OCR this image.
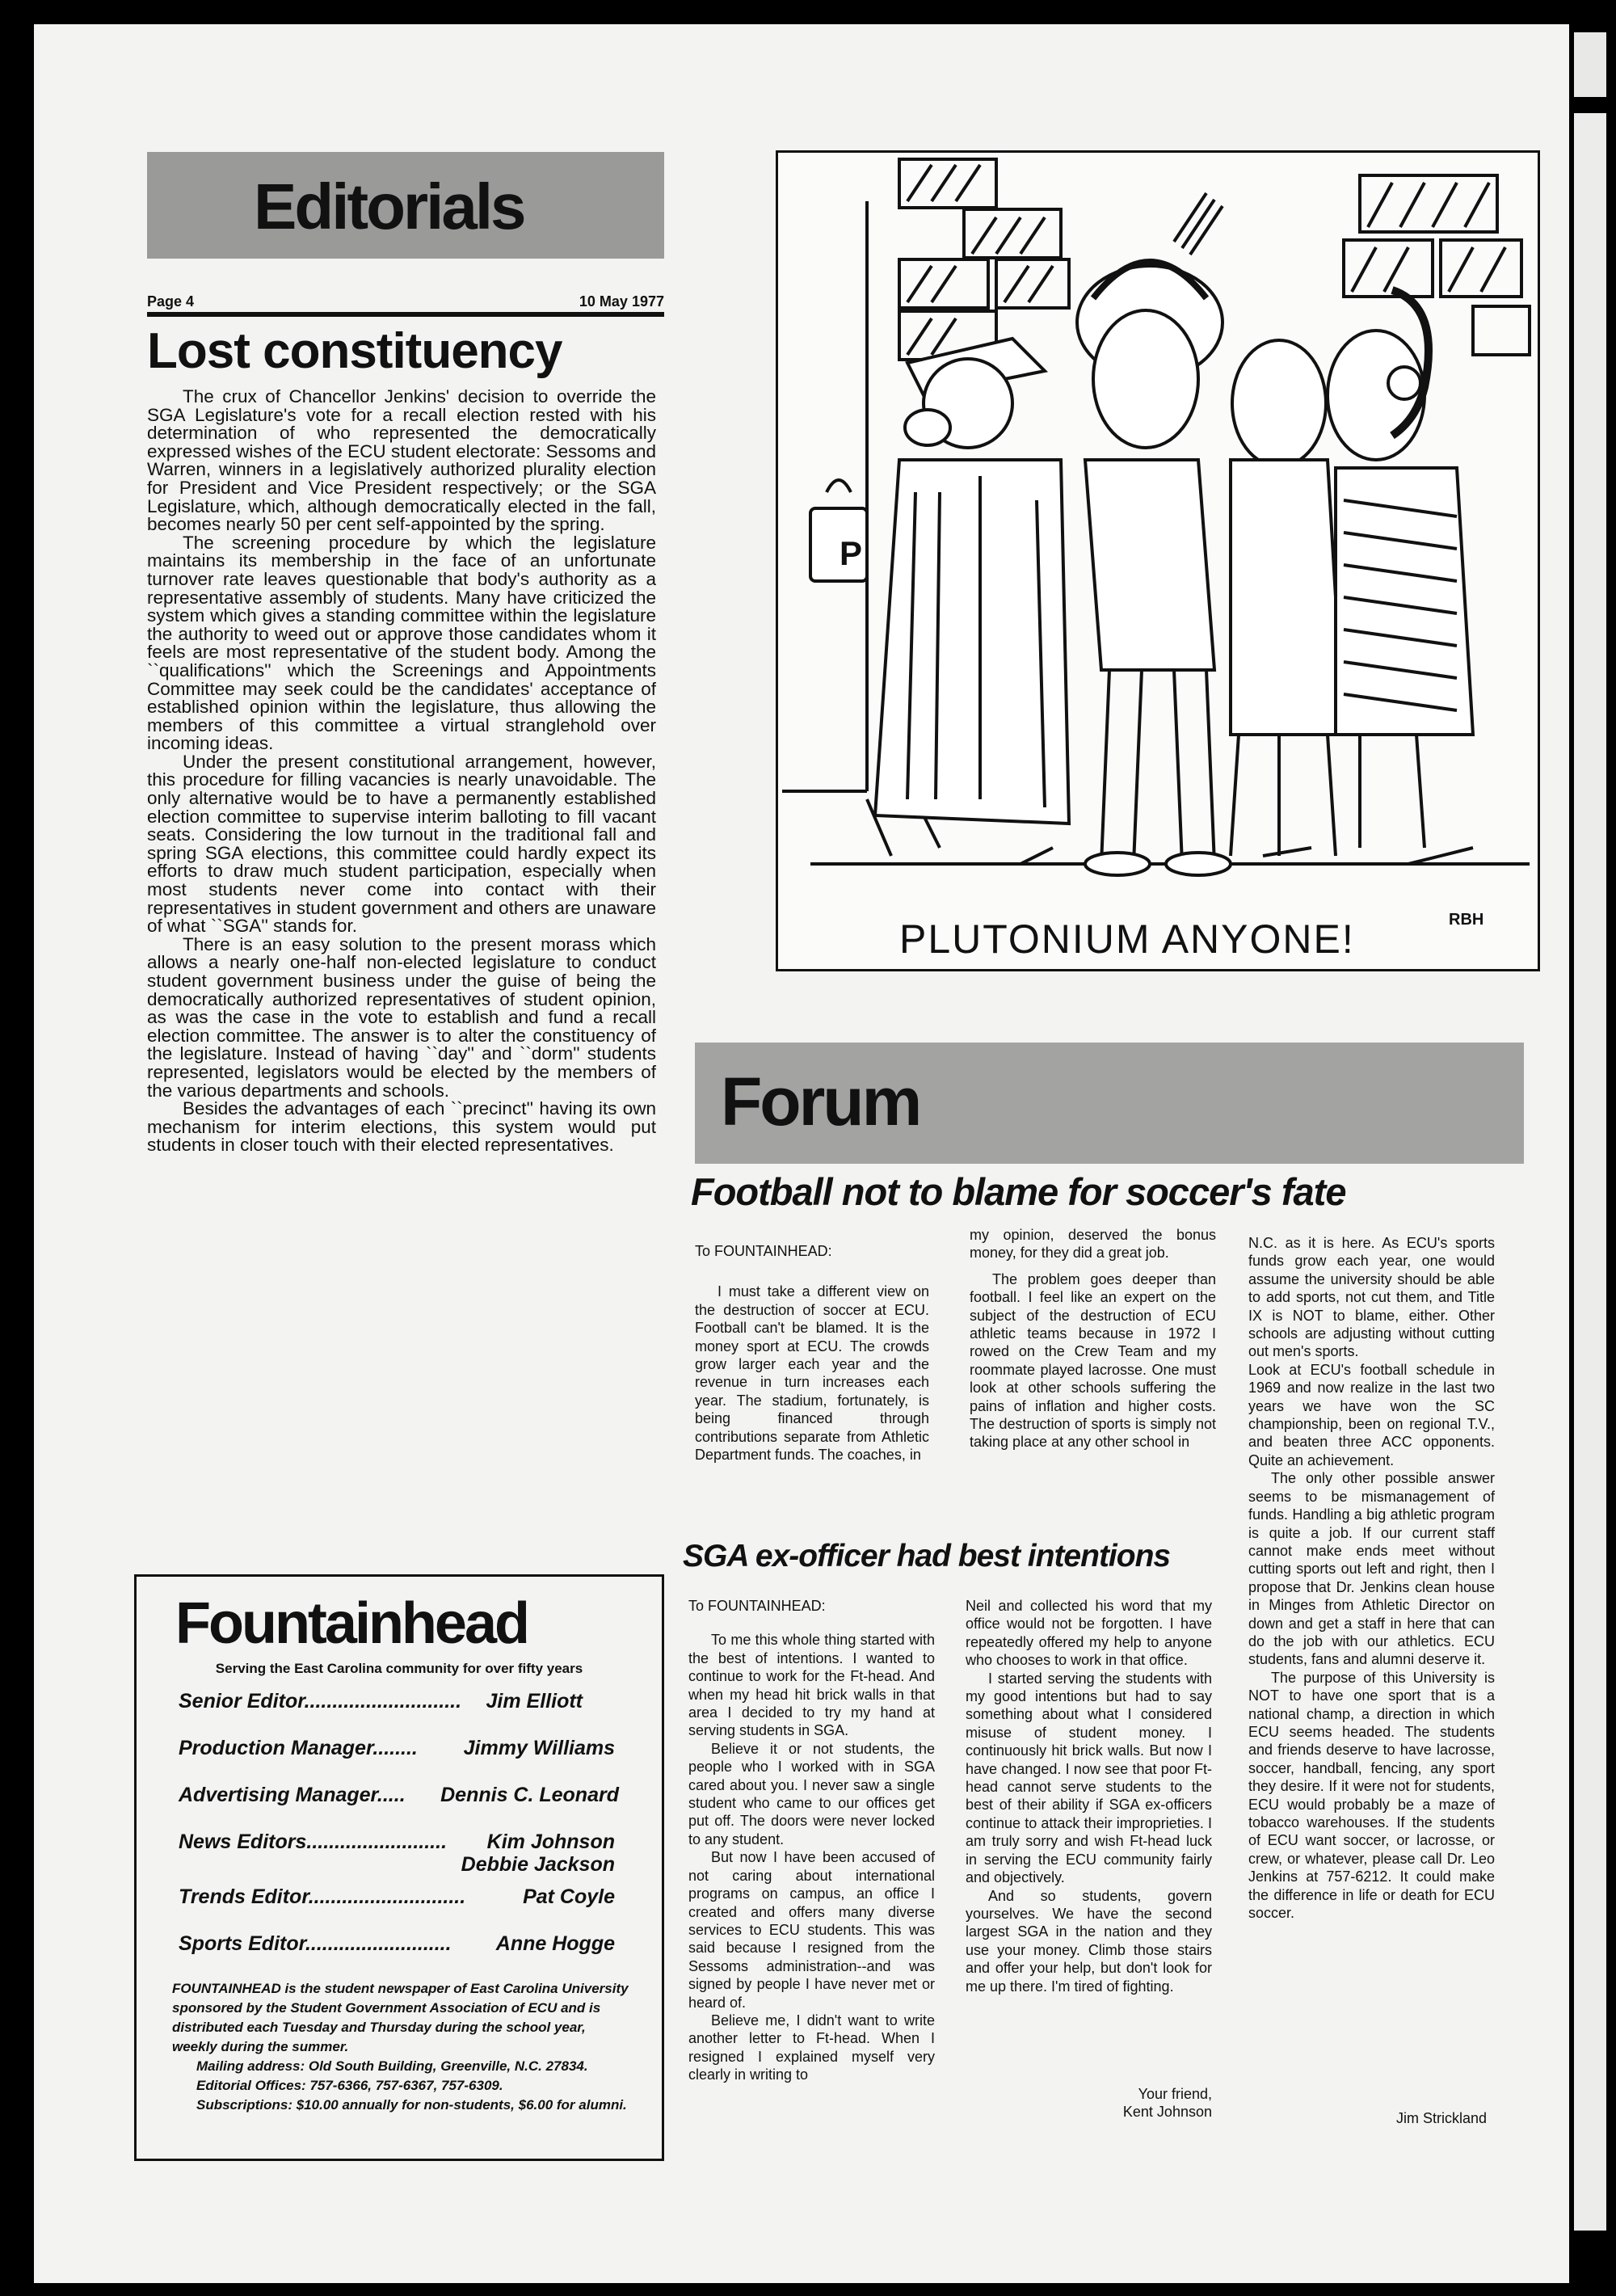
Editorials
Page 4	10 May 1977
Lost constituency

The crux of Chancellor Jenkins' decision to override the SGA Legislature's vote for a recall election rested with his determination of who represented the democratically expressed wishes of the ECU student electorate: Sessoms and Warren, winners in a legislatively authorized plurality election for President and Vice President respectively; or the SGA Legislature, which, although democratically elected in the fall, becomes nearly 50 per cent self-appointed by the spring.

The screening procedure by which the legislature maintains its membership in the face of an unfortunate turnover rate leaves questionable that body's authority as a representative assembly of students. Many have criticized the system which gives a standing committee within the legislature the authority to weed out or approve those candidates whom it feels are most representative of the student body. Among the ``qualifications'' which the Screenings and Appointments Committee may seek could be the candidates' acceptance of established opinion within the legislature, thus allowing the members of this committee a virtual stranglehold over incoming ideas.

Under the present constitutional arrangement, however, this procedure for filling vacancies is nearly unavoidable. The only alternative would be to have a permanently established election committee to supervise interim balloting to fill vacant seats. Considering the low turnout in the traditional fall and spring SGA elections, this committee could hardly expect its efforts to draw much student participation, especially when most students never come into contact with their representatives in student government and others are unaware of what ``SGA'' stands for.

There is an easy solution to the present morass which allows a nearly one-half non-elected legislature to conduct student government business under the guise of being the democratically authorized representatives of student opinion, as was the case in the vote to establish and fund a recall election committee. The answer is to alter the constituency of the legislature. Instead of having ``day'' and ``dorm'' students represented, legislators would be elected by the members of the various departments and schools.

Besides the advantages of each ``precinct'' having its own mechanism for interim elections, this system would put students in closer touch with their elected representatives.

Fountainhead
Serving the East Carolina community for over fifty years
Senior Editor............................ Jim Elliott
Production Manager........ Jimmy Williams
Advertising Manager..... Dennis C. Leonard
News Editors......................... Kim Johnson
Debbie Jackson
Trends Editor............................	Pat Coyle
Sports Editor.......................... Anne Hogge
FOUNTAINHEAD is the student newspaper of East Carolina University sponsored by the Student Government Association of ECU and is distributed each Tuesday and Thursday during the school year, weekly during the summer.
Mailing address: Old South Building, Greenville, N.C. 27834.
Editorial Offices: 757-6366, 757-6367, 757-6309.
Subscriptions: $10.00 annually for non-students, $6.00 for alumni.
P
PLUTONIUM ANYONE!	RBH
Forum
Football not to blame for soccer's fate

To FOUNTAINHEAD:

I must take a different view on the destruction of soccer at ECU. Football can't be blamed. It is the money sport at ECU. The crowds grow larger each year and the revenue in turn increases each year. The stadium, fortunately, is being financed through contributions separate from Athletic Department funds. The coaches, in

my opinion, deserved the bonus money, for they did a great job.

The problem goes deeper than football. I feel like an expert on the subject of the destruction of ECU athletic teams because in 1972 I rowed on the Crew Team and my roommate played lacrosse. One must look at other schools suffering the pains of inflation and higher costs. The destruction of sports is simply not taking place at any other school in

N.C. as it is here. As ECU's sports funds grow each year, one would assume the university should be able to add sports, not cut them, and Title IX is NOT to blame, either. Other schools are adjusting without cutting out men's sports.

Look at ECU's football schedule in 1969 and now realize in the last two years we have won the SC championship, been on regional T.V., and beaten three ACC opponents. Quite an achievement.

The only other possible answer seems to be mismanagement of funds. Handling a big athletic program is quite a job. If our current staff cannot make ends meet without cutting sports out left and right, then I propose that Dr. Jenkins clean house in Minges from Athletic Director on down and get a staff in here that can do the job with our athletics. ECU students, fans and alumni deserve it.

The purpose of this University is NOT to have one sport that is a national champ, a direction in which ECU seems headed. The students and friends deserve to have lacrosse, soccer, handball, fencing, any sport they desire. If it were not for students, ECU would probably be a maze of tobacco warehouses. If the students of ECU want soccer, or lacrosse, or crew, or whatever, please call Dr. Leo Jenkins at 757-6212. It could make the difference in life or death for ECU soccer.

Jim Strickland
SGA ex-officer had best intentions

To FOUNTAINHEAD:

To me this whole thing started with the best of intentions. I wanted to continue to work for the Ft-head. And when my head hit brick walls in that area I decided to try my hand at serving students in SGA.

Believe it or not students, the people who I worked with in SGA cared about you. I never saw a single student who came to our offices get put off. The doors were never locked to any student.

But now I have been accused of not caring about international programs on campus, an office I created and offers many diverse services to ECU students. This was said because I resigned from the Sessoms administration--and was signed by people I have never met or heard of.

Believe me, I didn't want to write another letter to Ft-head. When I resigned I explained myself very clearly in writing to

Neil and collected his word that my office would not be forgotten. I have repeatedly offered my help to anyone who chooses to work in that office.

I started serving the students with my good intentions but had to say something about what I considered misuse of student money. I continuously hit brick walls. But now I have changed. I now see that poor Ft-head cannot serve students to the best of their ability if SGA ex-officers continue to attack their improprieties. I am truly sorry and wish Ft-head luck in serving the ECU community fairly and objectively.

And so students, govern yourselves. We have the second largest SGA in the nation and they use your money. Climb those stairs and offer your help, but don't look for me up there. I'm tired of fighting.

Your friend,
Kent Johnson
